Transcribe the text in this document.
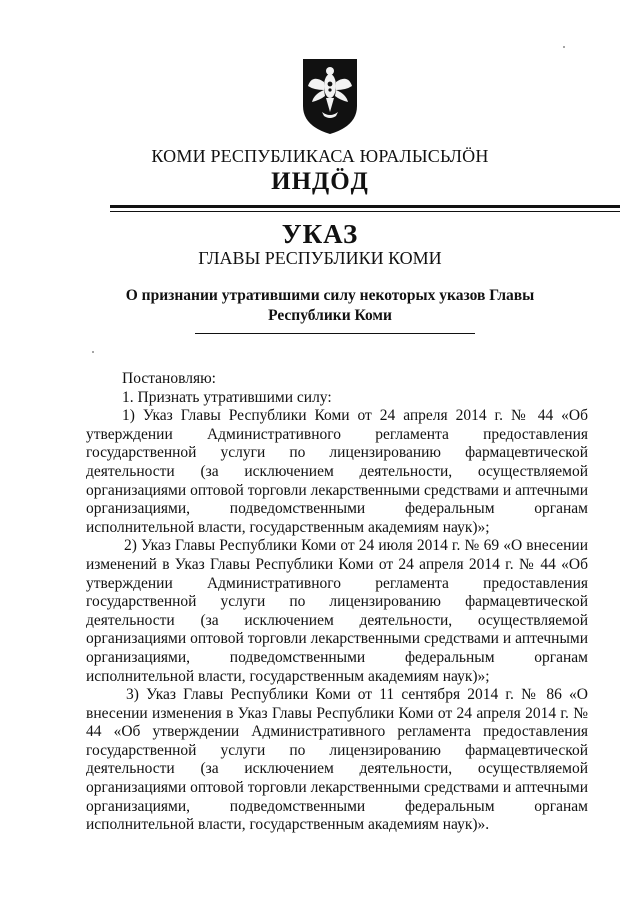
КОМИ РЕСПУБЛИКАСА ЮРАЛЫСЬЛӦН
ИНДӦД
УКАЗ
ГЛАВЫ РЕСПУБЛИКИ КОМИ
О признании утратившими силу некоторых указов Главы
Республики Коми

Постановляю:

1. Признать утратившими силу:

1) Указ Главы Республики Коми от 24 апреля 2014 г. № 44 «Об утверждении Административного регламента предоставления государственной услуги по лицензированию фармацевтической деятельности (за исключением деятельности, осуществляемой организациями оптовой торговли лекарственными средствами и аптечными организациями, подведомственными федеральным органам исполнительной власти, государственным академиям наук)»;

2) Указ Главы Республики Коми от 24 июля 2014 г. № 69 «О внесении изменений в Указ Главы Республики Коми от 24 апреля 2014 г. № 44 «Об утверждении Административного регламента предоставления государственной услуги по лицензированию фармацевтической деятельности (за исключением деятельности, осуществляемой организациями оптовой торговли лекарственными средствами и аптечными организациями, подведомственными федеральным органам исполнительной власти, государственным академиям наук)»;

3) Указ Главы Республики Коми от 11 сентября 2014 г. № 86 «О внесении изменения в Указ Главы Республики Коми от 24 апреля 2014 г. № 44 «Об утверждении Административного регламента предоставления государственной услуги по лицензированию фармацевтической деятельности (за исключением деятельности, осуществляемой организациями оптовой торговли лекарственными средствами и аптечными организациями, подведомственными федеральным органам исполнительной власти, государственным академиям наук)».
